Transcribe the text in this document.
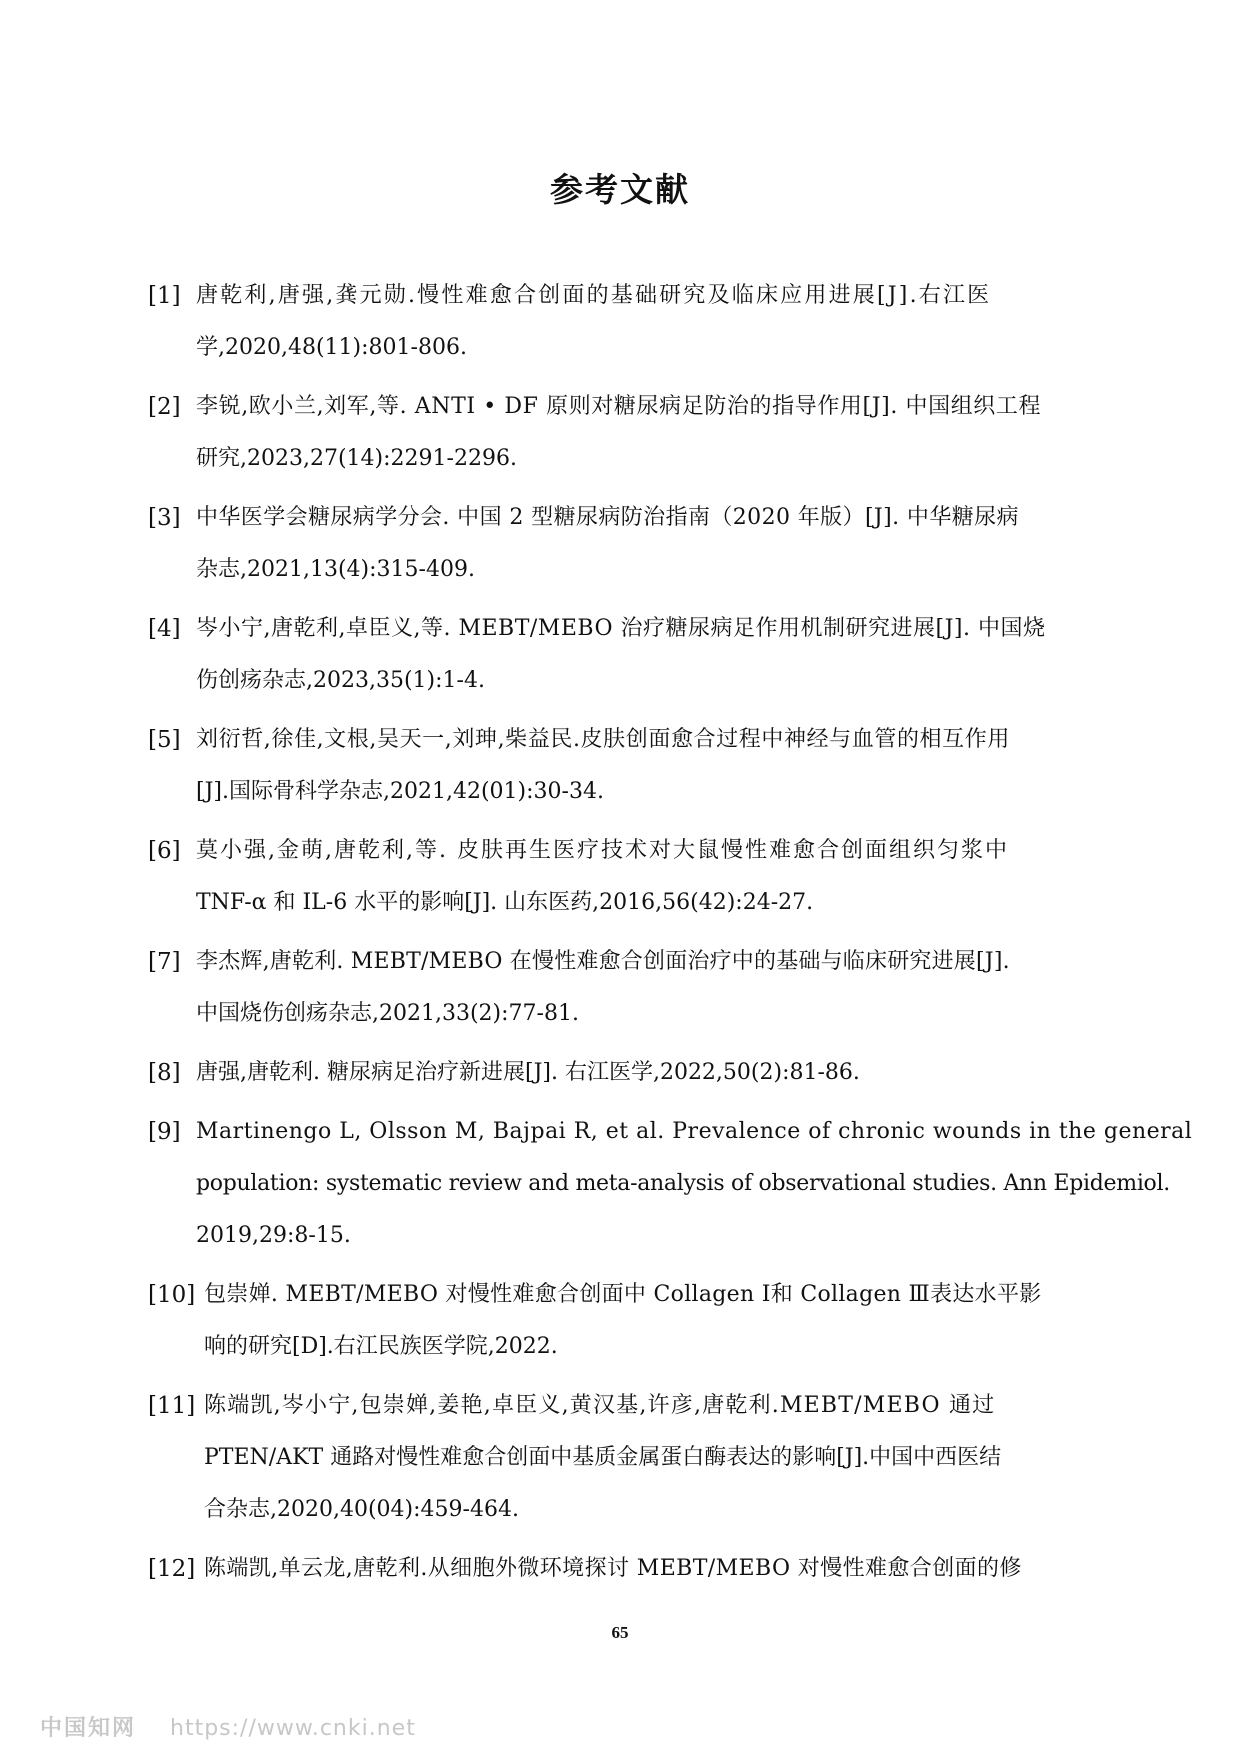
参考文献
[1] 唐乾利,唐强,龚元勋.慢性难愈合创面的基础研究及临床应用进展[J].右江医
学,2020,48(11):801-806.
[2] 李锐,欧小兰,刘军,等. ANTI • DF 原则对糖尿病足防治的指导作用[J]. 中国组织工程
研究,2023,27(14):2291-2296.
[3] 中华医学会糖尿病学分会. 中国 2 型糖尿病防治指南（2020 年版）[J]. 中华糖尿病
杂志,2021,13(4):315-409.
[4] 岑小宁,唐乾利,卓臣义,等. MEBT/MEBO 治疗糖尿病足作用机制研究进展[J]. 中国烧
伤创疡杂志,2023,35(1):1-4.
[5] 刘衍哲,徐佳,文根,吴天一,刘珅,柴益民.皮肤创面愈合过程中神经与血管的相互作用
[J].国际骨科学杂志,2021,42(01):30-34.
[6] 莫小强,金萌,唐乾利,等. 皮肤再生医疗技术对大鼠慢性难愈合创面组织匀浆中
TNF-α 和 IL-6 水平的影响[J]. 山东医药,2016,56(42):24-27.
[7] 李杰辉,唐乾利. MEBT/MEBO 在慢性难愈合创面治疗中的基础与临床研究进展[J].
中国烧伤创疡杂志,2021,33(2):77-81.
[8] 唐强,唐乾利. 糖尿病足治疗新进展[J]. 右江医学,2022,50(2):81-86.
[9] Martinengo L, Olsson M, Bajpai R, et al. Prevalence of chronic wounds in the general
population: systematic review and meta-analysis of observational studies. Ann Epidemiol.
2019,29:8-15.
[10] 包崇婵. MEBT/MEBO 对慢性难愈合创面中 Collagen Ⅰ和 Collagen Ⅲ表达水平影
响的研究[D].右江民族医学院,2022.
[11] 陈端凯,岑小宁,包崇婵,姜艳,卓臣义,黄汉基,许彦,唐乾利.MEBT/MEBO 通过
PTEN/AKT 通路对慢性难愈合创面中基质金属蛋白酶表达的影响[J].中国中西医结
合杂志,2020,40(04):459-464.
[12] 陈端凯,单云龙,唐乾利.从细胞外微环境探讨 MEBT/MEBO 对慢性难愈合创面的修
65
中国知网 https://www.cnki.net
